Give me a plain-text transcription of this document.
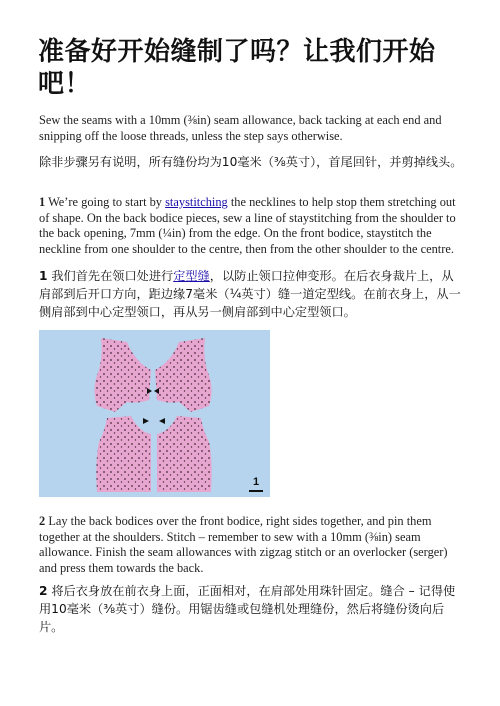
准备好开始缝制了吗？让我们开始吧！

Sew the seams with a 10mm (⅜in) seam allowance, back tacking at each end and snipping off the loose threads, unless the step says otherwise.

除非步骤另有说明，所有缝份均为10毫米（⅜英寸），首尾回针，并剪掉线头。

1 We’re going to start by staystitching the necklines to help stop them stretching out of shape. On the back bodice pieces, sew a line of staystitching from the shoulder to the back opening, 7mm (¼in) from the edge. On the front bodice, staystitch the neckline from one shoulder to the centre, then from the other shoulder to the centre.

1 我们首先在领口处进行定型缝，以防止领口拉伸变形。在后衣身裁片上，从肩部到后开口方向，距边缘7毫米（¼英寸）缝一道定型线。在前衣身上，从一侧肩部到中心定型领口，再从另一侧肩部到中心定型领口。

1

2 Lay the back bodices over the front bodice, right sides together, and pin them together at the shoulders. Stitch – remember to sew with a 10mm (⅜in) seam allowance. Finish the seam allowances with zigzag stitch or an overlocker (serger) and press them towards the back.

2 将后衣身放在前衣身上面，正面相对，在肩部处用珠针固定。缝合 – 记得使用10毫米（⅜英寸）缝份。用锯齿缝或包缝机处理缝份，然后将缝份烫向后片。
